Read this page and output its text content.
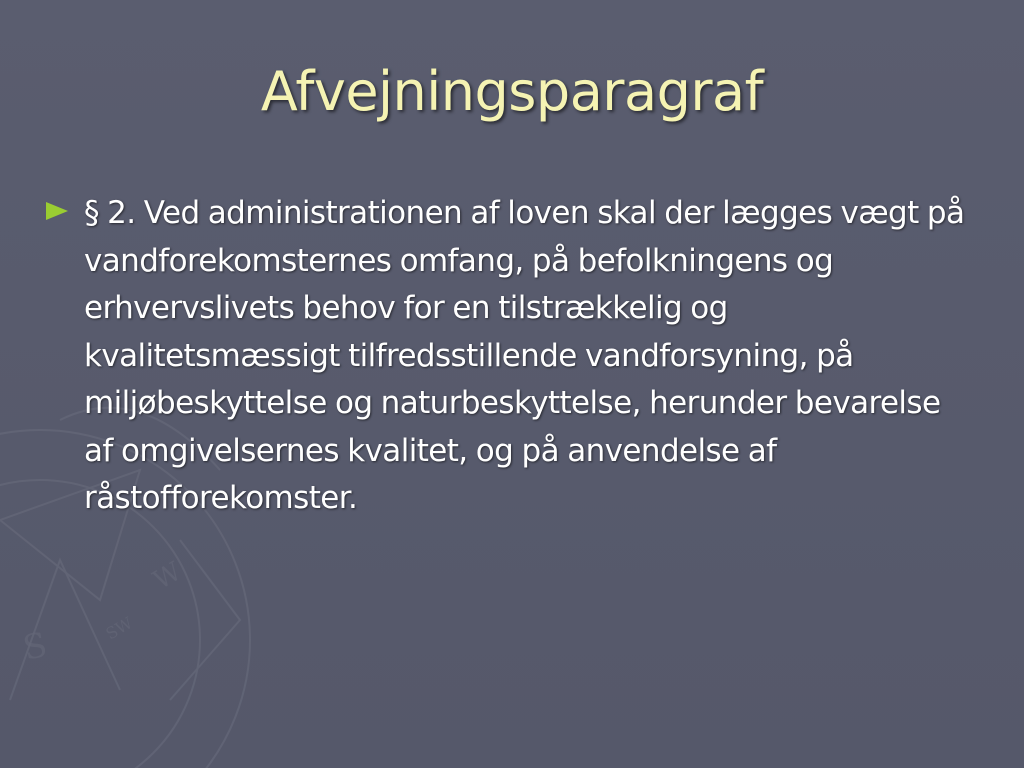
S
W
SW
Afvejningsparagraf
§ 2. Ved administrationen af loven skal der lægges vægt på vandforekomsternes omfang, på befolkningens og erhvervslivets behov for en tilstrækkelig og kvalitetsmæssigt tilfredsstillende vandforsyning, på miljøbeskyttelse og naturbeskyttelse, herunder bevarelse af omgivelsernes kvalitet, og på anvendelse af råstofforekomster.
